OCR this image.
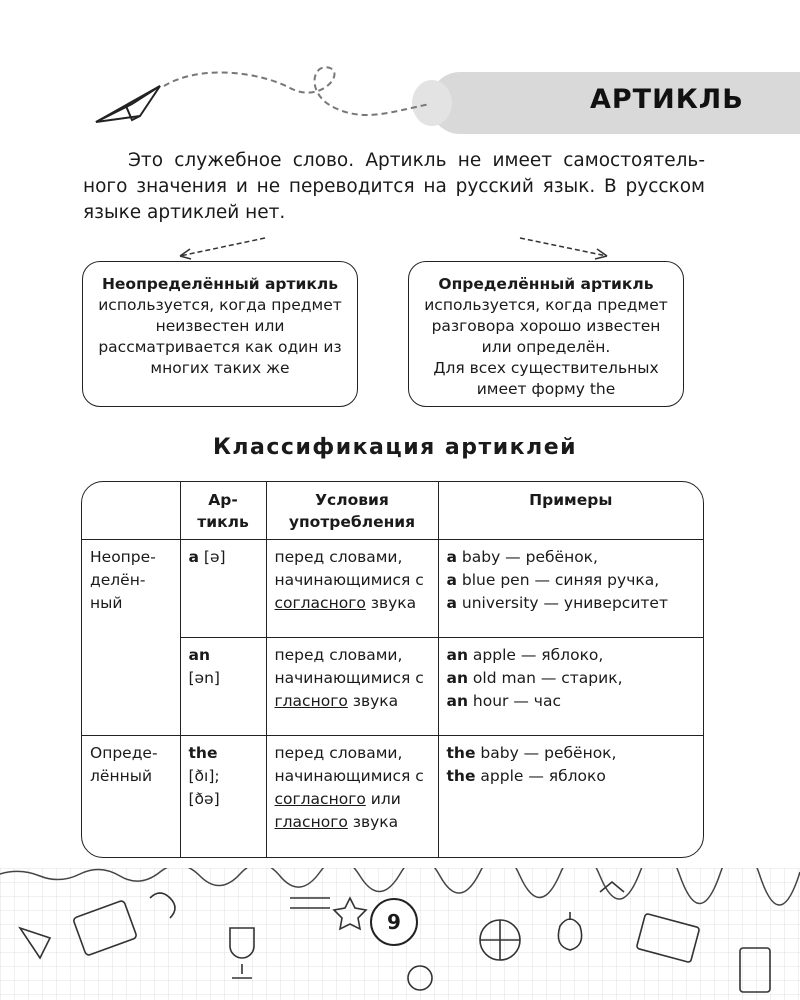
АРТИКЛЬ
Это служебное слово. Артикль не имеет самостоятельного значения и не переводится на русский язык. В русском языке артиклей нет.
Неопределённый артикль используется, когда предмет неизвестен или рассматривается как один из многих таких же
Определённый артикль
используется, когда предмет
разговора хорошо известен
или определён.
Для всех существительных
имеет форму the
Классификация артиклей
	Артикль	Условия употребления	Примеры
Неопределённый	a [ə]	перед словами, начинающимися с согласного звука	a baby — ребёнок,
a blue pen — синяя ручка,
a university — университет
	an
[ən]	перед словами, начинающимися с гласного звука	an apple — яблоко,
an old man — старик,
an hour — час
Определённый	the
[ðı];
[ðə]	перед словами, начинающимися с согласного или гласного звука	the baby — ребёнок,
the apple — яблоко
9
